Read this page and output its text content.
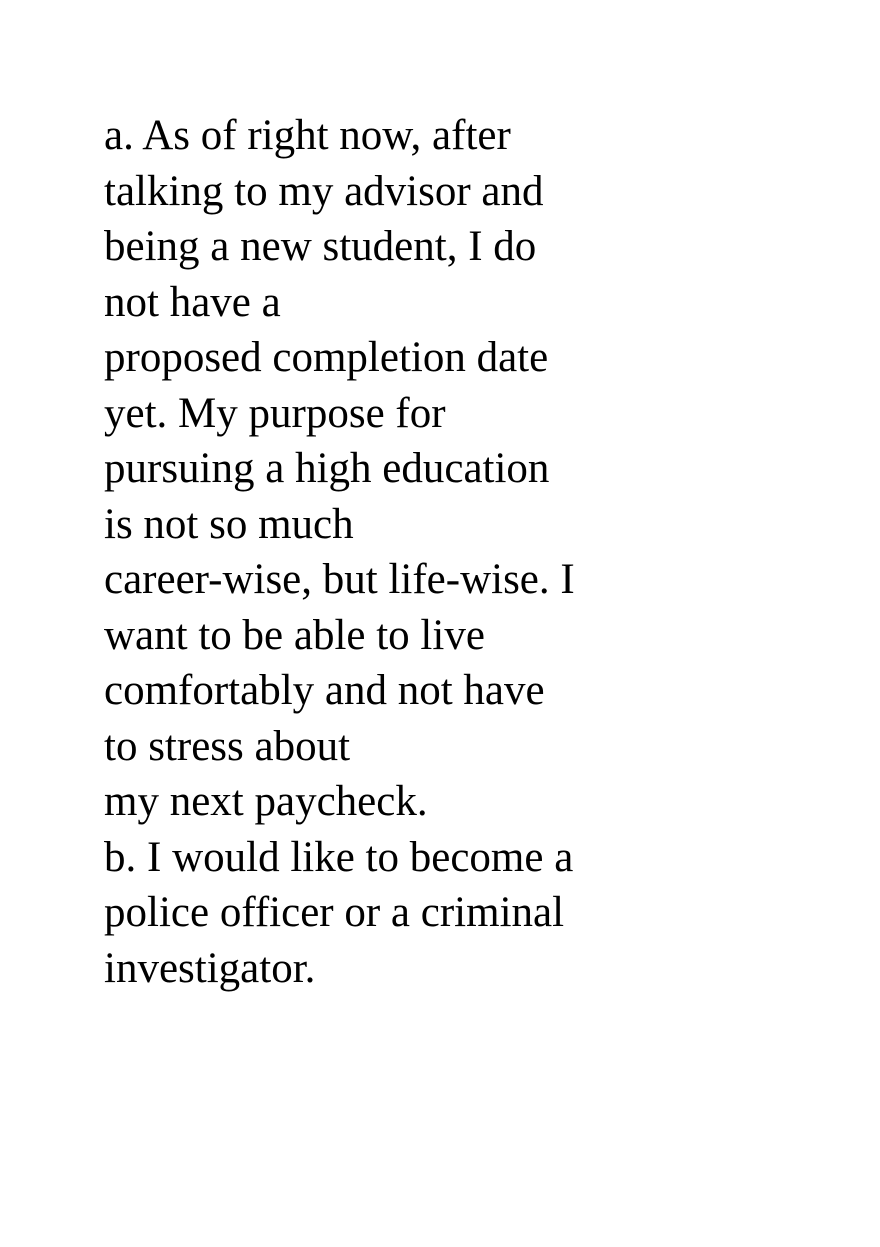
a. As of right now, after
talking to my advisor and
being a new student, I do
not have a
proposed completion date
yet. My purpose for
pursuing a high education
is not so much
career-wise, but life-wise. I
want to be able to live
comfortably and not have
to stress about
my next paycheck.
b. I would like to become a
police officer or a criminal
investigator.
